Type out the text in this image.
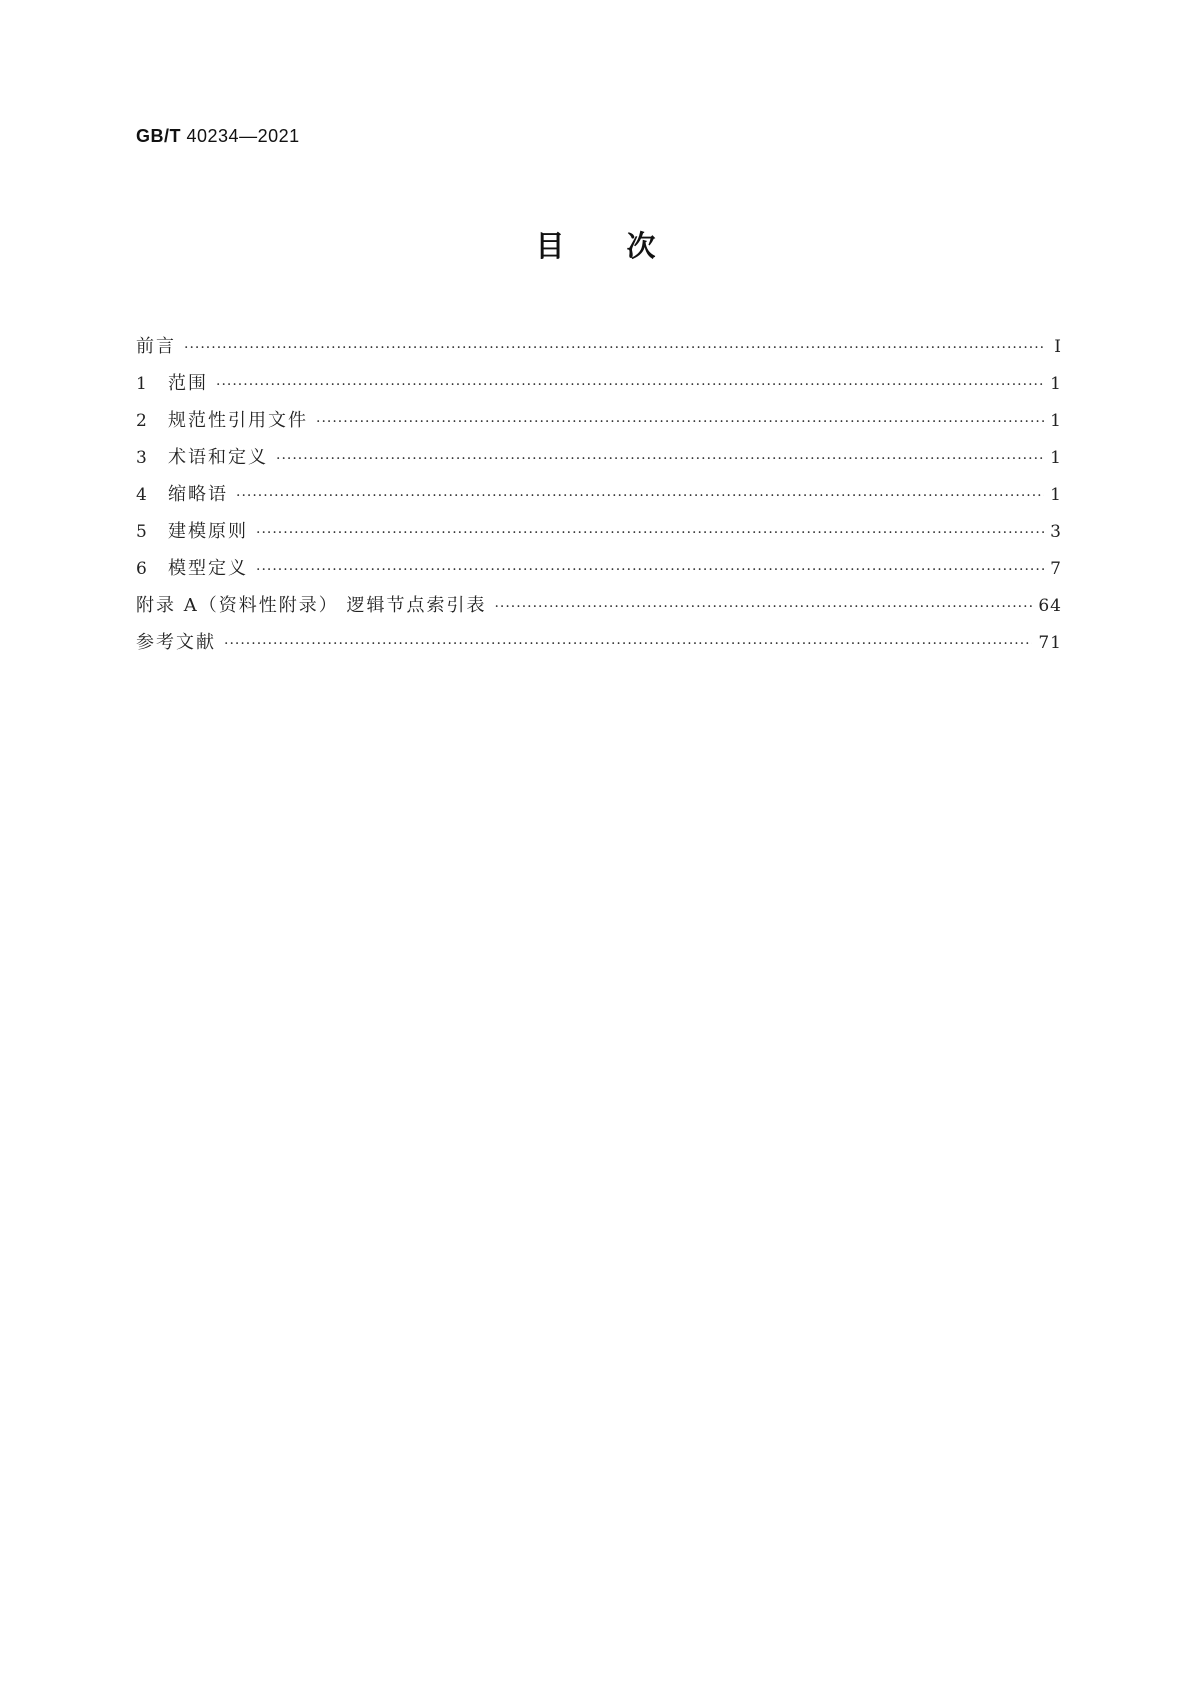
GB/T 40234—2021
目次
前言 ·····	Ⅰ
1	范围 ·····	1
2	规范性引用文件 ·····	1
3	术语和定义 ·····	1
4	缩略语 ·····	1
5	建模原则 ·····	3
6	模型定义 ·····	7
附录 A（资料性附录） 逻辑节点索引表 ·····	64
参考文献 ·····	71
